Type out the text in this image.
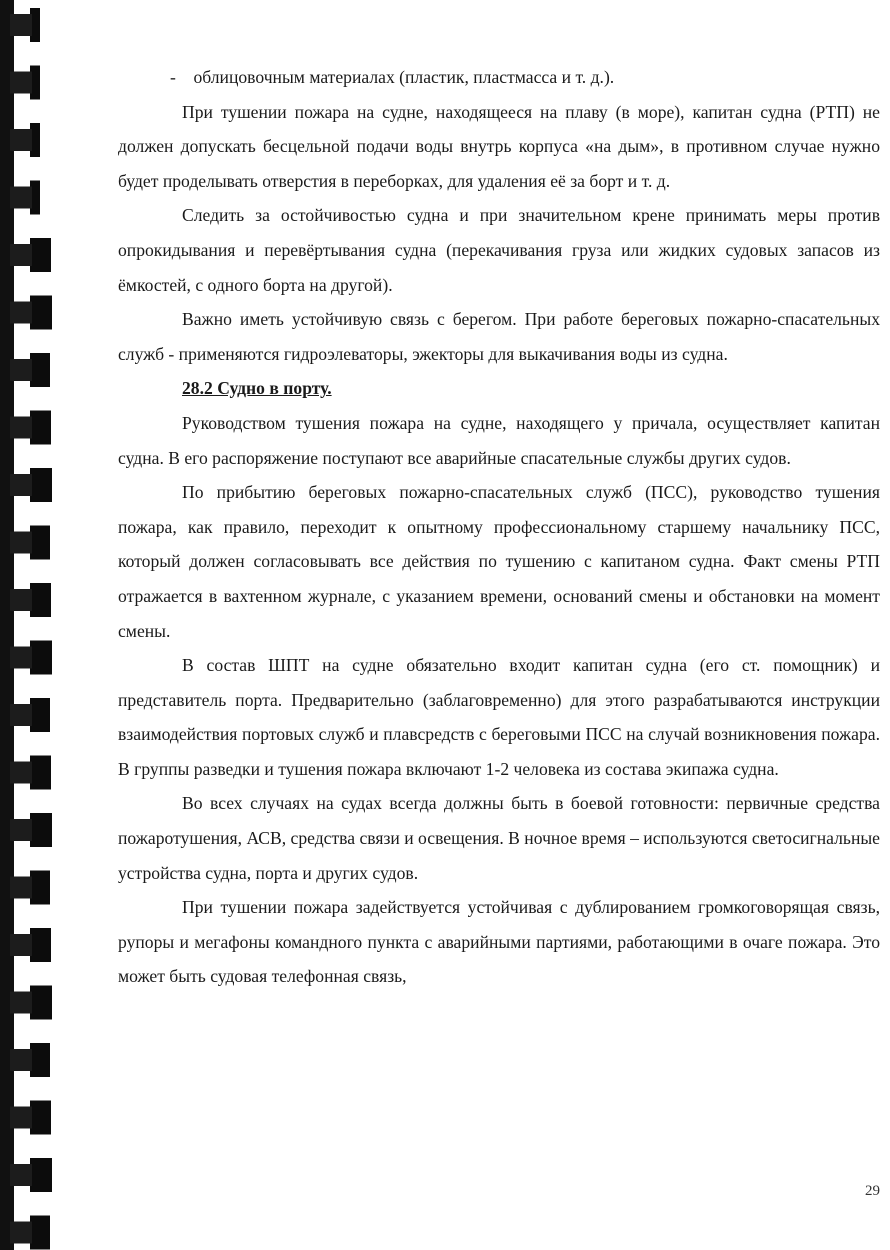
- облицовочным материалах (пластик, пластмасса и т. д.).

При тушении пожара на судне, находящееся на плаву (в море), капитан судна (РТП) не должен допускать бесцельной подачи воды внутрь корпуса «на дым», в противном случае нужно будет проделывать отверстия в переборках, для удаления её за борт и т. д.

Следить за остойчивостью судна и при значительном крене принимать меры против опрокидывания и перевёртывания судна (перекачивания груза или жидких судовых запасов из ёмкостей, с одного борта на другой).

Важно иметь устойчивую связь с берегом. При работе береговых пожарно-спасательных служб - применяются гидроэлеваторы, эжекторы для выкачивания воды из судна.

28.2 Судно в порту.

Руководством тушения пожара на судне, находящего у причала, осуществляет капитан судна. В его распоряжение поступают все аварийные спасательные службы других судов.

По прибытию береговых пожарно-спасательных служб (ПСС), руководство тушения пожара, как правило, переходит к опытному профессиональному старшему начальнику ПСС, который должен согласовывать все действия по тушению с капитаном судна. Факт смены РТП отражается в вахтенном журнале, с указанием времени, оснований смены и обстановки на момент смены.

В состав ШПТ на судне обязательно входит капитан судна (его ст. помощник) и представитель порта. Предварительно (заблаговременно) для этого разрабатываются инструкции взаимодействия портовых служб и плавсредств с береговыми ПСС на случай возникновения пожара. В группы разведки и тушения пожара включают 1-2 человека из состава экипажа судна.

Во всех случаях на судах всегда должны быть в боевой готовности: первичные средства пожаротушения, АСВ, средства связи и освещения. В ночное время – используются светосигнальные устройства судна, порта и других судов.

При тушении пожара задействуется устойчивая с дублированием громкоговорящая связь, рупоры и мегафоны командного пункта с аварийными партиями, работающими в очаге пожара. Это может быть судовая телефонная связь,

29
